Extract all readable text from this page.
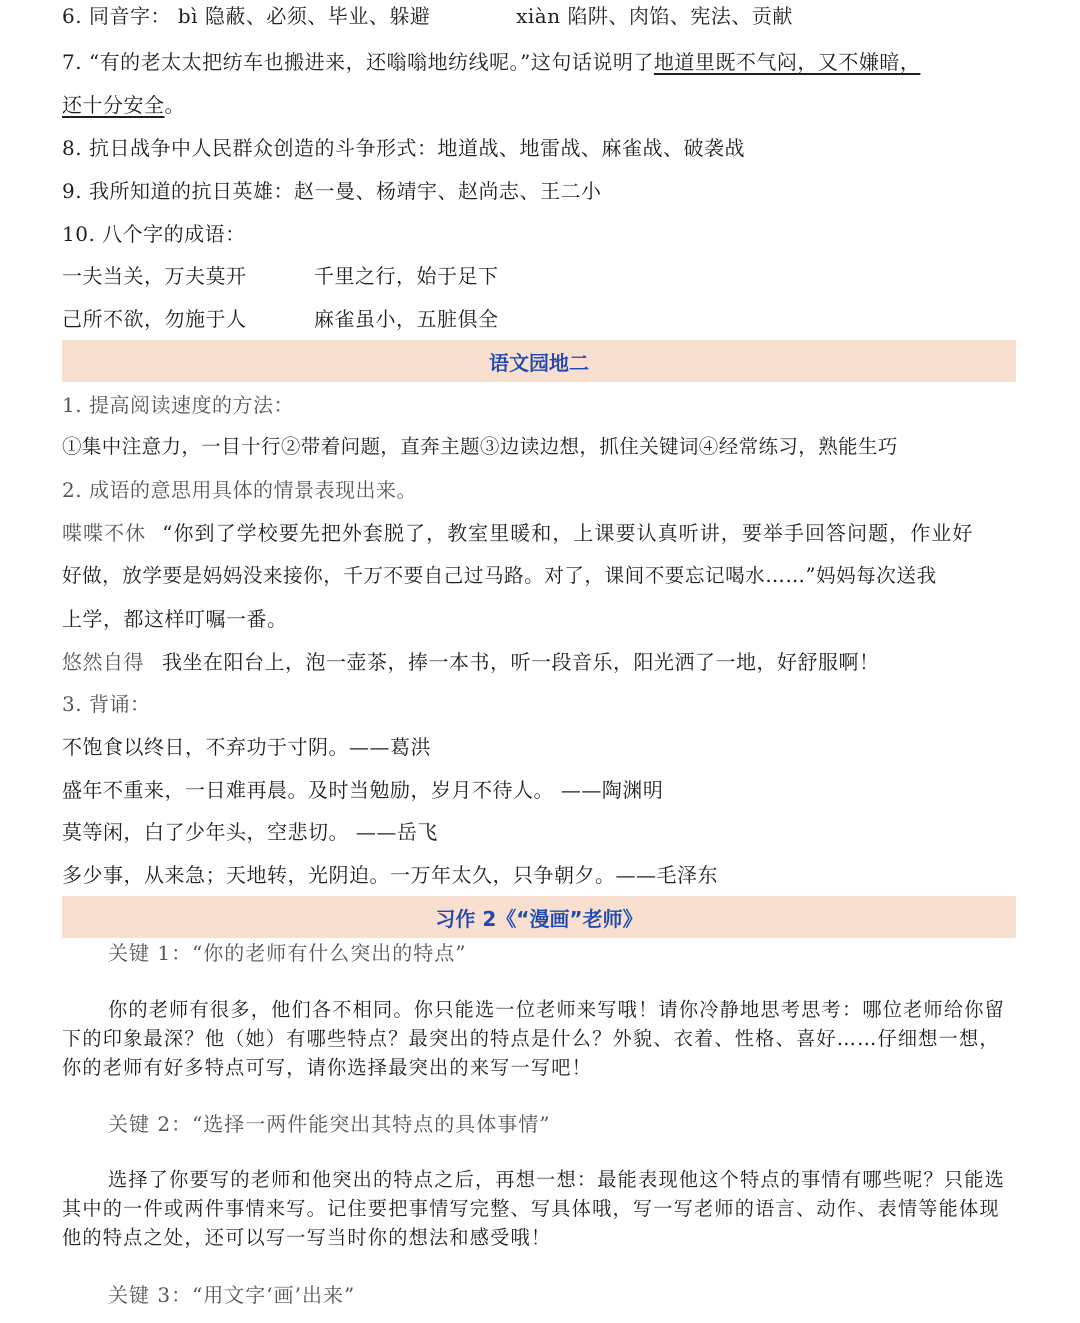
6. 同音字： bì 隐蔽、必须、毕业、躲避	xiàn 陷阱、肉馅、宪法、贡献

7. “有的老太太把纺车也搬进来，还嗡嗡地纺线呢。”这句话说明了地道里既不气闷，又不嫌暗，

还十分安全。

8. 抗日战争中人民群众创造的斗争形式：地道战、地雷战、麻雀战、破袭战

9. 我所知道的抗日英雄：赵一曼、杨靖宇、赵尚志、王二小

10. 八个字的成语：

一夫当关，万夫莫开	千里之行，始于足下

己所不欲，勿施于人	麻雀虽小，五脏俱全

语文园地二

1. 提高阅读速度的方法：

①集中注意力，一目十行②带着问题，直奔主题③边读边想，抓住关键词④经常练习，熟能生巧

2. 成语的意思用具体的情景表现出来。

喋喋不休 “你到了学校要先把外套脱了，教室里暖和，上课要认真听讲，要举手回答问题，作业好

好做，放学要是妈妈没来接你，千万不要自己过马路。对了，课间不要忘记喝水……”妈妈每次送我

上学，都这样叮嘱一番。

悠然自得 我坐在阳台上，泡一壶茶，捧一本书，听一段音乐，阳光洒了一地，好舒服啊！

3. 背诵：

不饱食以终日，不弃功于寸阴。——葛洪

盛年不重来，一日难再晨。及时当勉励，岁月不待人。 ——陶渊明

莫等闲，白了少年头，空悲切。 ——岳飞

多少事，从来急；天地转，光阴迫。一万年太久，只争朝夕。——毛泽东

习作 2《“漫画”老师》

关键 1：“你的老师有什么突出的特点”

你的老师有很多，他们各不相同。你只能选一位老师来写哦！请你冷静地思考思考：哪位老师给你留下的印象最深？他（她）有哪些特点？最突出的特点是什么？外貌、衣着、性格、喜好……仔细想一想，你的老师有好多特点可写，请你选择最突出的来写一写吧！

关键 2：“选择一两件能突出其特点的具体事情”

选择了你要写的老师和他突出的特点之后，再想一想：最能表现他这个特点的事情有哪些呢？只能选其中的一件或两件事情来写。记住要把事情写完整、写具体哦，写一写老师的语言、动作、表情等能体现他的特点之处，还可以写一写当时你的想法和感受哦！

关键 3：“用文字‘画’出来”
